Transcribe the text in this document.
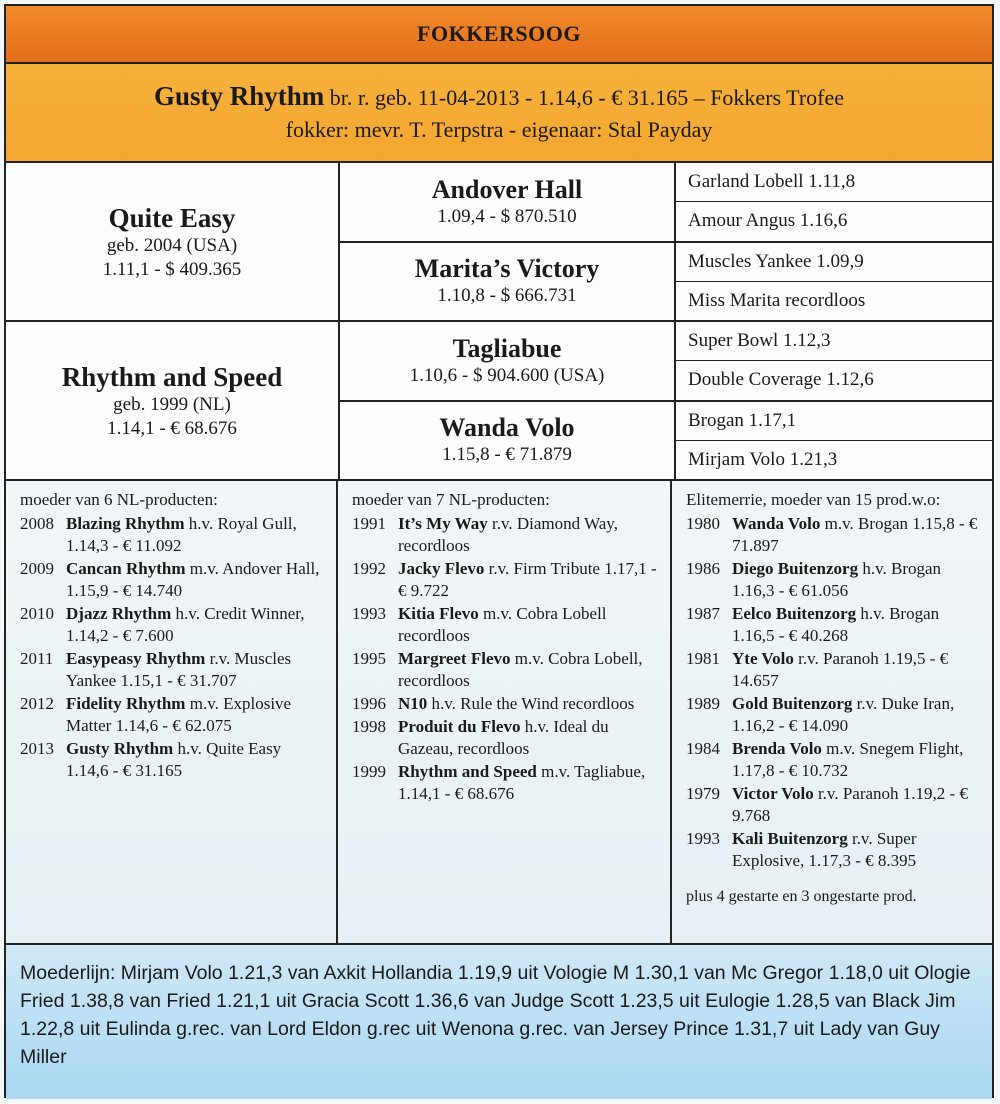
FOKKERSOOG
Gusty Rhythm br. r. geb. 11-04-2013 - 1.14,6 - € 31.165 – Fokkers Trofee
fokker: mevr. T. Terpstra - eigenaar: Stal Payday
Quite Easy
geb. 2004 (USA)
1.11,1 - $ 409.365
Rhythm and Speed
geb. 1999 (NL)
1.14,1 - € 68.676
Andover Hall
1.09,4 - $ 870.510
Marita’s Victory
1.10,8 - $ 666.731
Tagliabue
1.10,6 - $ 904.600 (USA)
Wanda Volo
1.15,8 - € 71.879
Garland Lobell 1.11,8
Amour Angus 1.16,6
Muscles Yankee 1.09,9
Miss Marita recordloos
Super Bowl 1.12,3
Double Coverage 1.12,6
Brogan 1.17,1
Mirjam Volo 1.21,3
moeder van 6 NL-producten:
2008 Blazing Rhythm h.v. Royal Gull, 1.14,3 - € 11.092
2009 Cancan Rhythm m.v. Andover Hall, 1.15,9 - € 14.740
2010 Djazz Rhythm h.v. Credit Winner, 1.14,2 - € 7.600
2011 Easypeasy Rhythm r.v. Muscles Yankee 1.15,1 - € 31.707
2012 Fidelity Rhythm m.v. Explosive Matter 1.14,6 - € 62.075
2013 Gusty Rhythm h.v. Quite Easy 1.14,6 - € 31.165
moeder van 7 NL-producten:
1991 It’s My Way r.v. Diamond Way, recordloos
1992 Jacky Flevo r.v. Firm Tribute 1.17,1 - € 9.722
1993 Kitia Flevo m.v. Cobra Lobell recordloos
1995 Margreet Flevo m.v. Cobra Lobell, recordloos
1996 N10 h.v. Rule the Wind recordloos
1998 Produit du Flevo h.v. Ideal du Gazeau, recordloos
1999 Rhythm and Speed m.v. Tagliabue, 1.14,1 - € 68.676
Elitemerrie, moeder van 15 prod.w.o:
1980 Wanda Volo m.v. Brogan 1.15,8 - € 71.897
1986 Diego Buitenzorg h.v. Brogan 1.16,3 - € 61.056
1987 Eelco Buitenzorg h.v. Brogan 1.16,5 - € 40.268
1981 Yte Volo r.v. Paranoh 1.19,5 - € 14.657
1989 Gold Buitenzorg r.v. Duke Iran, 1.16,2 - € 14.090
1984 Brenda Volo m.v. Snegem Flight, 1.17,8 - € 10.732
1979 Victor Volo r.v. Paranoh 1.19,2 - € 9.768
1993 Kali Buitenzorg r.v. Super Explosive, 1.17,3 - € 8.395
plus 4 gestarte en 3 ongestarte prod.
Moederlijn: Mirjam Volo 1.21,3 van Axkit Hollandia 1.19,9 uit Vologie M 1.30,1 van Mc Gregor 1.18,0 uit Ologie Fried 1.38,8 van Fried 1.21,1 uit Gracia Scott 1.36,6 van Judge Scott 1.23,5 uit Eulogie 1.28,5 van Black Jim 1.22,8 uit Eulinda g.rec. van Lord Eldon g.rec uit Wenona g.rec. van Jersey Prince 1.31,7 uit Lady van Guy Miller
